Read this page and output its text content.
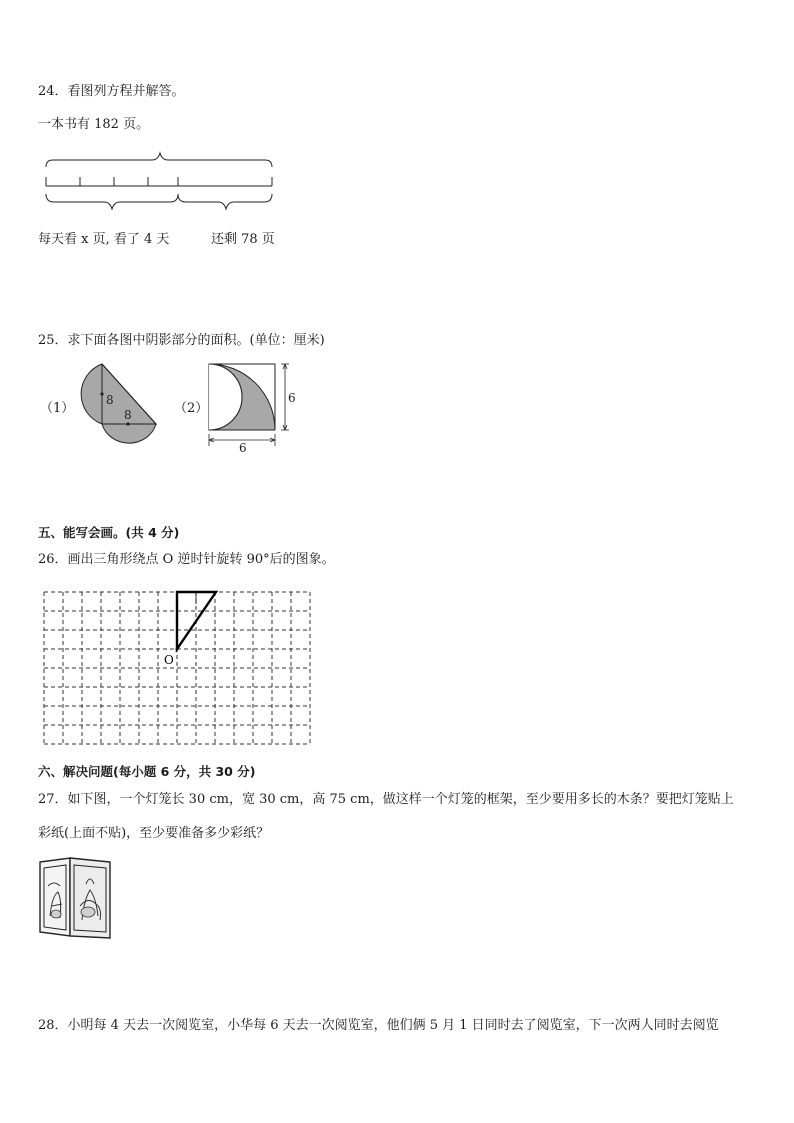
24．看图列方程并解答。
一本书有 182 页。
每天看 x 页, 看了 4 天	还剩 78 页
25．求下面各图中阴影部分的面积。(单位：厘米)
（1）
8
8	（2）
6
6
五、能写会画。(共 4 分)
26．画出三角形绕点 O 逆时针旋转 90°后的图象。
O
六、解决问题(每小题 6 分，共 30 分)
27．如下图，一个灯笼长 30 cm，宽 30 cm，高 75 cm，做这样一个灯笼的框架，至少要用多长的木条？要把灯笼贴上
彩纸(上面不贴)，至少要准备多少彩纸？
28．小明每 4 天去一次阅览室，小华每 6 天去一次阅览室，他们俩 5 月 1 日同时去了阅览室，下一次两人同时去阅览
